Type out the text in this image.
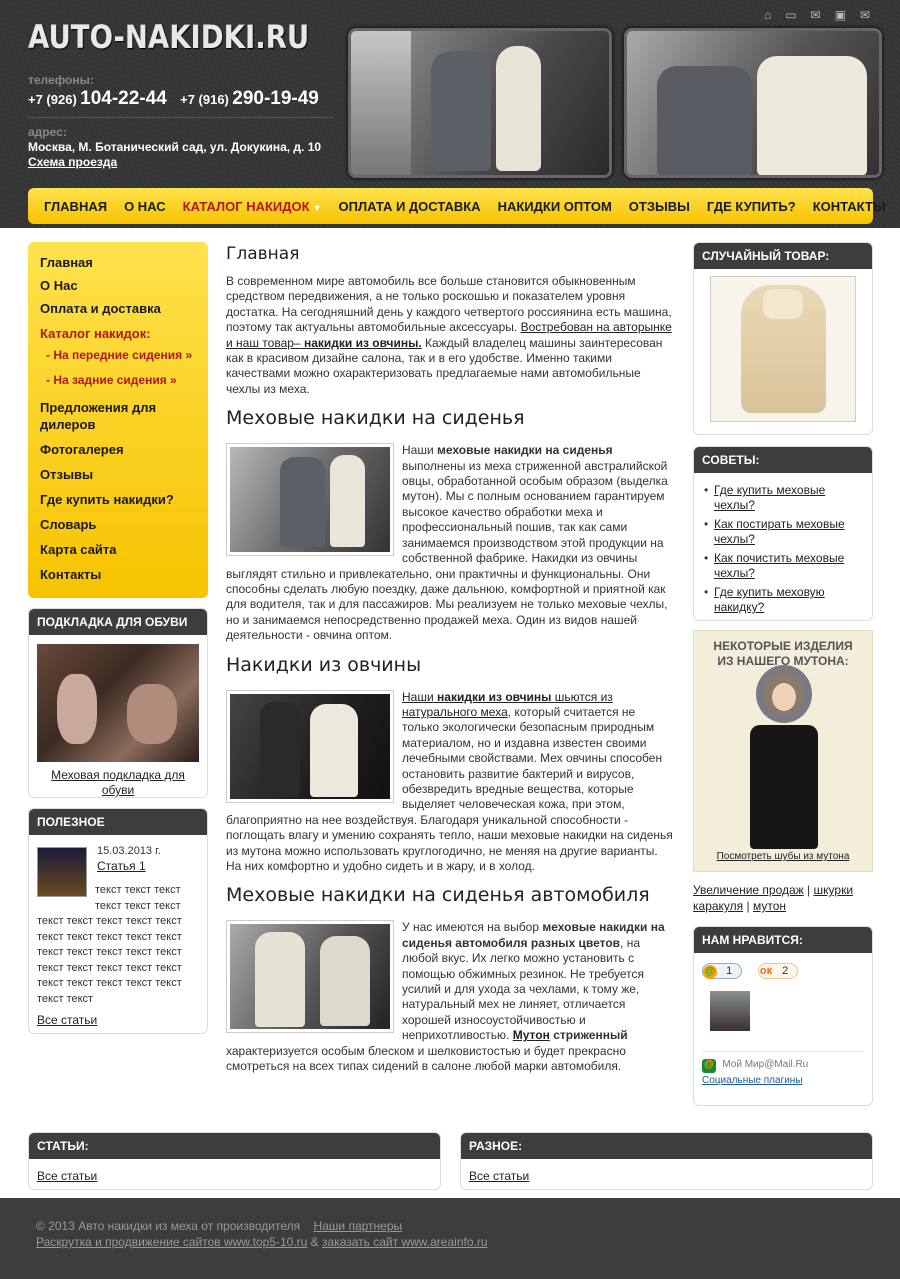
AUTO-NAKIDKI.RU
телефоны:
+7 (926) 104-22-44 +7 (916) 290-19-49
адрес:
Москва, М. Ботанический сад, ул. Докукина, д. 10
Схема проезда
⌂ ▭ ✉ ▣ ✉
ГЛАВНАЯ О НАС КАТАЛОГ НАКИДОК ▼ ОПЛАТА И ДОСТАВКА НАКИДКИ ОПТОМ ОТЗЫВЫ ГДЕ КУПИТЬ? КОНТАКТЫ
Главная
О Нас
Оплата и доставка
Каталог накидок:
- На передние сидения »
- На задние сидения »
Предложения для дилеров
Фотогалерея
Отзывы
Где купить накидки?
Словарь
Карта сайта
Контакты
ПОДКЛАДКА ДЛЯ ОБУВИ
Меховая подкладка для обуви
ПОЛЕЗНОЕ
15.03.2013 г.
Статья 1
текст текст текст текст текст текст текст текст текст текст текст текст текст текст текст текст текст текст текст текст текст текст текст текст текст текст текст текст текст текст текст текст текст
Все статьи
Главная

В современном мире автомобиль все больше становится обыкновенным средством передвижения, а не только роскошью и показателем уровня достатка. На сегодняшний день у каждого четвертого россиянина есть машина, поэтому так актуальны автомобильные аксессуары. Востребован на авторынке и наш товар– накидки из овчины. Каждый владелец машины заинтересован как в красивом дизайне салона, так и в его удобстве. Именно такими качествами можно охарактеризовать предлагаемые нами автомобильные чехлы из меха.

Меховые накидки на сиденья

Наши меховые накидки на сиденья выполнены из меха стриженной австралийской овцы, обработанной особым образом (выделка мутон). Мы с полным основанием гарантируем высокое качество обработки меха и профессиональный пошив, так как сами занимаемся производством этой продукции на собственной фабрике. Накидки из овчины выглядят стильно и привлекательно, они практичны и функциональны. Они способны сделать любую поездку, даже дальнюю, комфортной и приятной как для водителя, так и для пассажиров. Мы реализуем не только меховые чехлы, но и занимаемся непосредственно продажей меха. Один из видов нашей деятельности - овчина оптом.

Накидки из овчины

Наши накидки из овчины шьются из натурального меха, который считается не только экологически безопасным природным материалом, но и издавна известен своими лечебными свойствами. Мех овчины способен остановить развитие бактерий и вирусов, обезвредить вредные вещества, которые выделяет человеческая кожа, при этом, благоприятно на нее воздействуя. Благодаря уникальной способности - поглощать влагу и умению сохранять тепло, наши меховые накидки на сиденья из мутона можно использовать круглогодично, не меняя на другие варианты. На них комфортно и удобно сидеть и в жару, и в холод.

Меховые накидки на сиденья автомобиля

У нас имеются на выбор меховые накидки на сиденья автомобиля разных цветов, на любой вкус. Их легко можно установить с помощью обжимных резинок. Не требуется усилий и для ухода за чехлами, к тому же, натуральный мех не линяет, отличается хорошей износоустойчивостью и неприхотливостью. Мутон стриженный характеризуется особым блеском и шелковистостью и будет прекрасно смотреться на всех типах сидений в салоне любой марки автомобиля.

СЛУЧАЙНЫЙ ТОВАР:
СОВЕТЫ:
• Где купить меховые чехлы?
• Как постирать меховые чехлы?
• Как почистить меховые чехлы?
• Где купить меховую накидку?
НЕКОТОРЫЕ ИЗДЕЛИЯ ИЗ НАШЕГО МУТОНА:
Посмотреть шубы из мутона
Увеличение продаж | шкурки каракуля | мутон
НАМ НРАВИТСЯ:
@ 1	ок 2
@ Мой Мир@Mail.Ru
Социальные плагины
СТАТЬИ:
Все статьи
РАЗНОЕ:
Все статьи
© 2013 Авто накидки из меха от производителя Наши партнеры
Раскрутка и продвижение сайтов www.top5-10.ru & заказать сайт www.areainfo.ru
